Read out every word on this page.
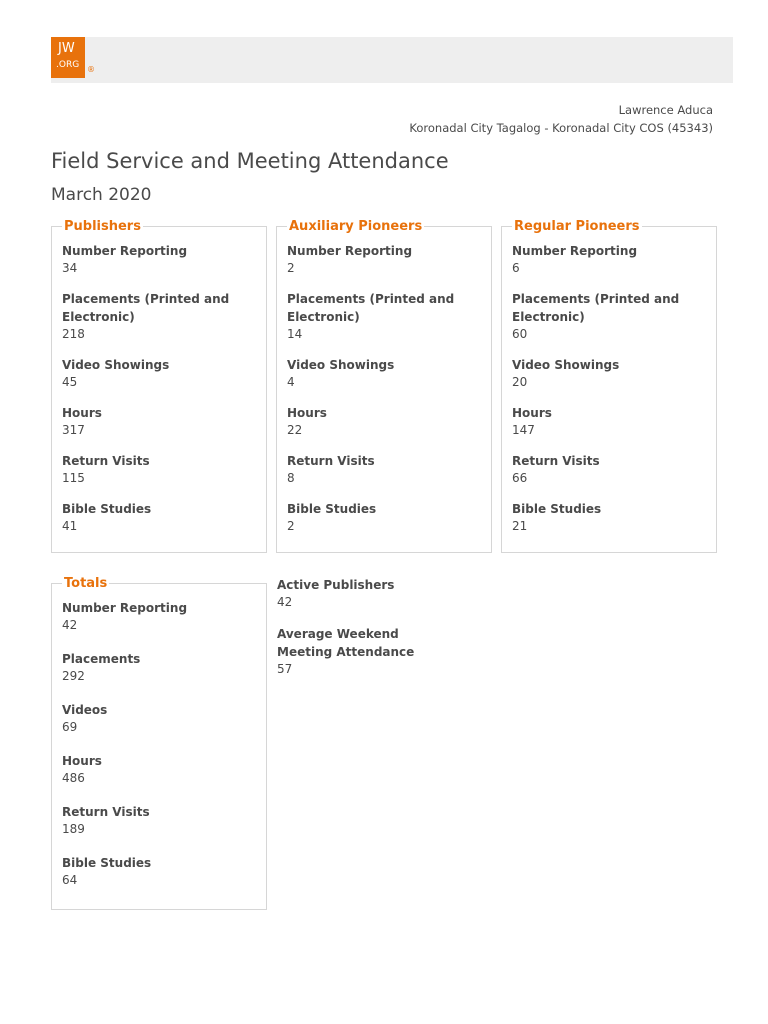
JW
.ORG ®
Lawrence Aduca
Koronadal City Tagalog - Koronadal City COS (45343)
Field Service and Meeting Attendance
March 2020
Publishers
Number Reporting
34
Placements (Printed and Electronic)
218
Video Showings
45
Hours
317
Return Visits
115
Bible Studies
41
Auxiliary Pioneers
Number Reporting
2
Placements (Printed and Electronic)
14
Video Showings
4
Hours
22
Return Visits
8
Bible Studies
2
Regular Pioneers
Number Reporting
6
Placements (Printed and Electronic)
60
Video Showings
20
Hours
147
Return Visits
66
Bible Studies
21
Totals
Number Reporting
42
Placements
292
Videos
69
Hours
486
Return Visits
189
Bible Studies
64
Active Publishers
42
Average Weekend Meeting Attendance
57
